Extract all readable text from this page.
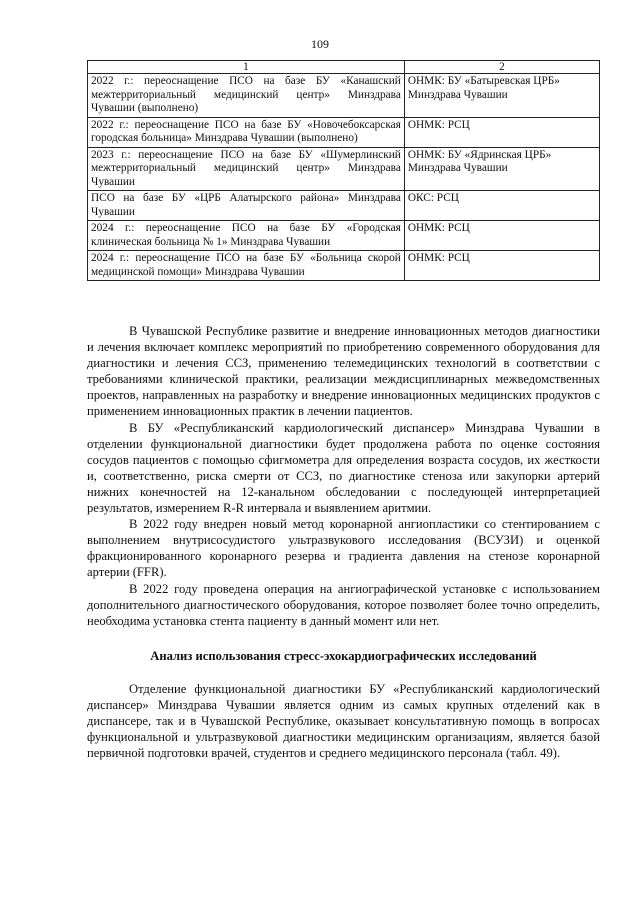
109
1	2
2022 г.: переоснащение ПСО на базе БУ «Канашский межтерриториальный медицинский центр» Минздрава Чувашии (выполнено)	ОНМК: БУ «Батыревская ЦРБ» Минздрава Чувашии
2022 г.: переоснащение ПСО на базе БУ «Новочебоксарская городская больница» Минздрава Чувашии (выполнено)	ОНМК: РСЦ
2023 г.: переоснащение ПСО на базе БУ «Шумерлинский межтерриториальный медицинский центр» Минздрава Чувашии	ОНМК: БУ «Ядринская ЦРБ» Минздрава Чувашии
ПСО на базе БУ «ЦРБ Алатырского района» Минздрава Чувашии	ОКС: РСЦ
2024 г.: переоснащение ПСО на базе БУ «Городская клиническая больница № 1» Минздрава Чувашии	ОНМК: РСЦ
2024 г.: переоснащение ПСО на базе БУ «Больница скорой медицинской помощи» Минздрава Чувашии	ОНМК: РСЦ

В Чувашской Республике развитие и внедрение инновационных методов диагностики и лечения включает комплекс мероприятий по приобретению современного оборудования для диагностики и лечения ССЗ, применению телемедицинских технологий в соответствии с требованиями клинической практики, реализации междисциплинарных межведомственных проектов, направленных на разработку и внедрение инновационных медицинских продуктов с применением инновационных практик в лечении пациентов.

В БУ «Республиканский кардиологический диспансер» Минздрава Чувашии в отделении функциональной диагностики будет продолжена работа по оценке состояния сосудов пациентов с помощью сфигмометра для определения возраста сосудов, их жесткости и, соответственно, риска смерти от ССЗ, по диагностике стеноза или закупорки артерий нижних конечностей на 12-канальном обследовании с последующей интерпретацией результатов, измерением R-R интервала и выявлением аритмии.

В 2022 году внедрен новый метод коронарной ангиопластики со стентированием с выполнением внутрисосудистого ультразвукового исследования (ВСУЗИ) и оценкой фракционированного коронарного резерва и градиента давления на стенозе коронарной артерии (FFR).

В 2022 году проведена операция на ангиографической установке с использованием дополнительного диагностического оборудования, которое позволяет более точно определить, необходима установка стента пациенту в данный момент или нет.

Анализ использования стресс-эхокардиографических исследований

Отделение функциональной диагностики БУ «Республиканский кардиологический диспансер» Минздрава Чувашии является одним из самых крупных отделений как в диспансере, так и в Чувашской Республике, оказывает консультативную помощь в вопросах функциональной и ультразвуковой диагностики медицинским организациям, является базой первичной подготовки врачей, студентов и среднего медицинского персонала (табл. 49).
